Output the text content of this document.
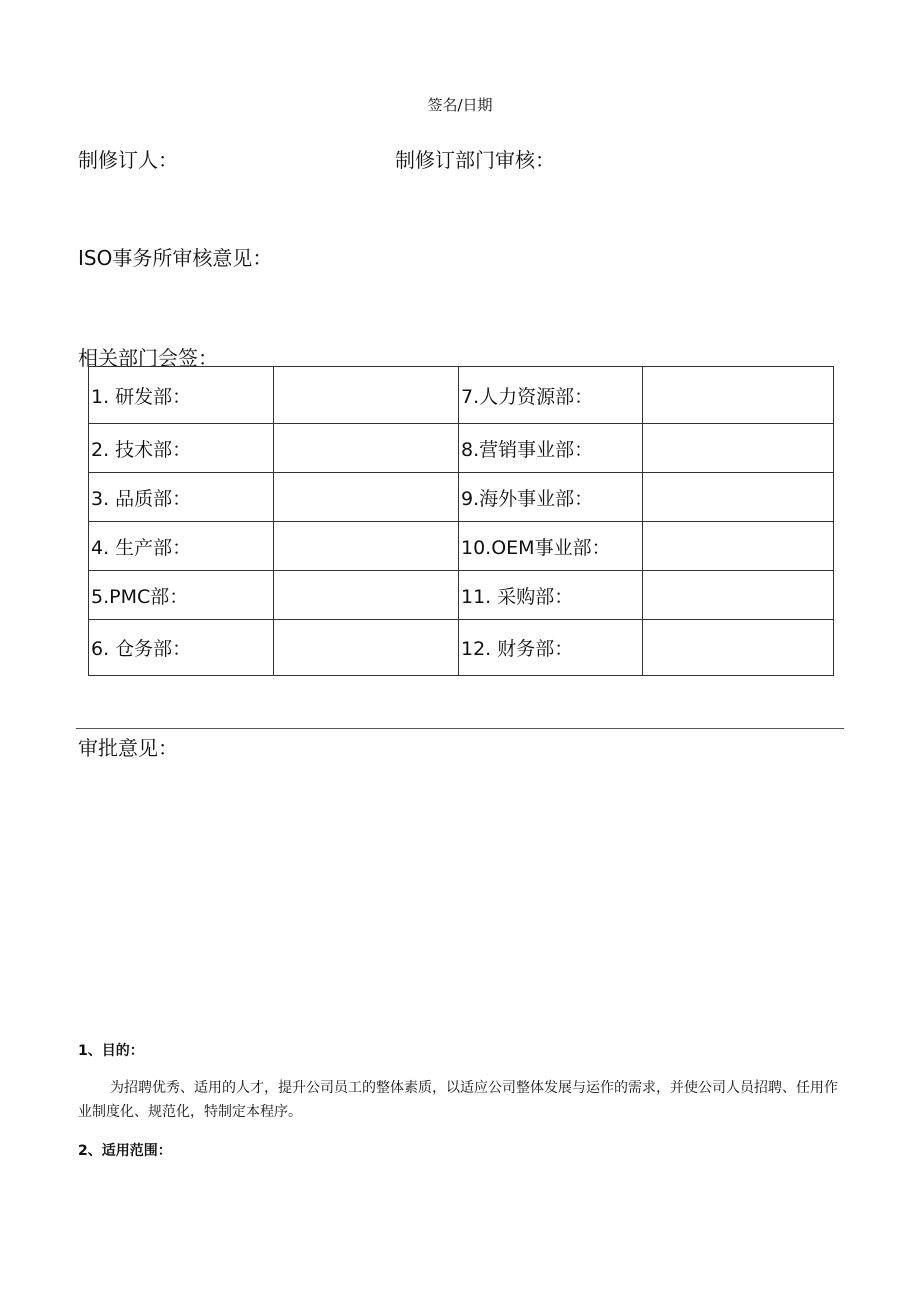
签名/日期
制修订人：	制修订部门审核：
ISO事务所审核意见：
相关部门会签：
1. 研发部：		7.人力资源部：	
2. 技术部：		8.营销事业部：	
3. 品质部：		9.海外事业部：	
4. 生产部：		10.OEM事业部：	
5.PMC部：		11. 采购部：	
6. 仓务部：		12. 财务部：	
审批意见：
1、目的：
为招聘优秀、适用的人才，提升公司员工的整体素质，以适应公司整体发展与运作的需求，并使公司人员招聘、任用作业制度化、规范化，特制定本程序。
2、适用范围：
